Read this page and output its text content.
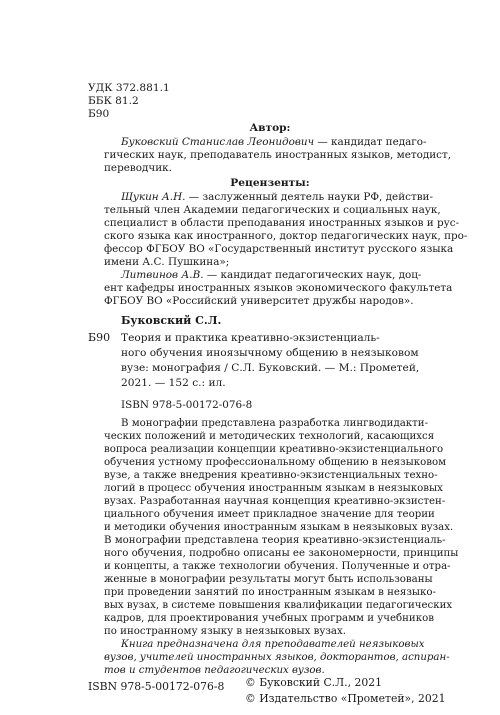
УДК 372.881.1

ББК 81.2

Б90

Автор:

Буковский Станислав Леонидович — кандидат педаго-

гических наук, преподаватель иностранных языков, методист,

переводчик.

Рецензенты:

Щукин А.Н. — заслуженный деятель науки РФ, действи-

тельный член Академии педагогических и социальных наук,

специалист в области преподавания иностранных языков и рус-

ского языка как иностранного, доктор педагогических наук, про-

фессор ФГБОУ ВО «Государственный институт русского языка

имени А.С. Пушкина»;

Литвинов А.В. — кандидат педагогических наук, доц-

ент кафедры иностранных языков экономического факультета

ФГБОУ ВО «Российский университет дружбы народов».

Буковский С.Л.

Б90 Теория и практика креативно-экзистенциаль-

ного обучения иноязычному общению в неязыковом

вузе: монография / С.Л. Буковский. — М.: Прометей,

2021. — 152 с.: ил.

ISBN 978-5-00172-076-8

В монографии представлена разработка лингводидакти-

ческих положений и методических технологий, касающихся

вопроса реализации концепции креативно-экзистенциального

обучения устному профессиональному общению в неязыковом

вузе, а также внедрения креативно-экзистенциальных техно-

логий в процесс обучения иностранным языкам в неязыковых

вузах. Разработанная научная концепция креативно-экзистен-

циального обучения имеет прикладное значение для теории

и методики обучения иностранным языкам в неязыковых вузах.

В монографии представлена теория креативно-экзистенциаль-

ного обучения, подробно описаны ее закономерности, принципы

и концепты, а также технологии обучения. Полученные и отра-

женные в монографии результаты могут быть использованы

при проведении занятий по иностранным языкам в неязыко-

вых вузах, в системе повышения квалификации педагогических

кадров, для проектирования учебных программ и учебников

по иностранному языку в неязыковых вузах.

Книга предназначена для преподавателей неязыковых

вузов, учителей иностранных языков, докторантов, аспиран-

тов и студентов педагогических вузов.

ISBN 978-5-00172-076-8 © Буковский С.Л., 2021

© Издательство «Прометей», 2021
